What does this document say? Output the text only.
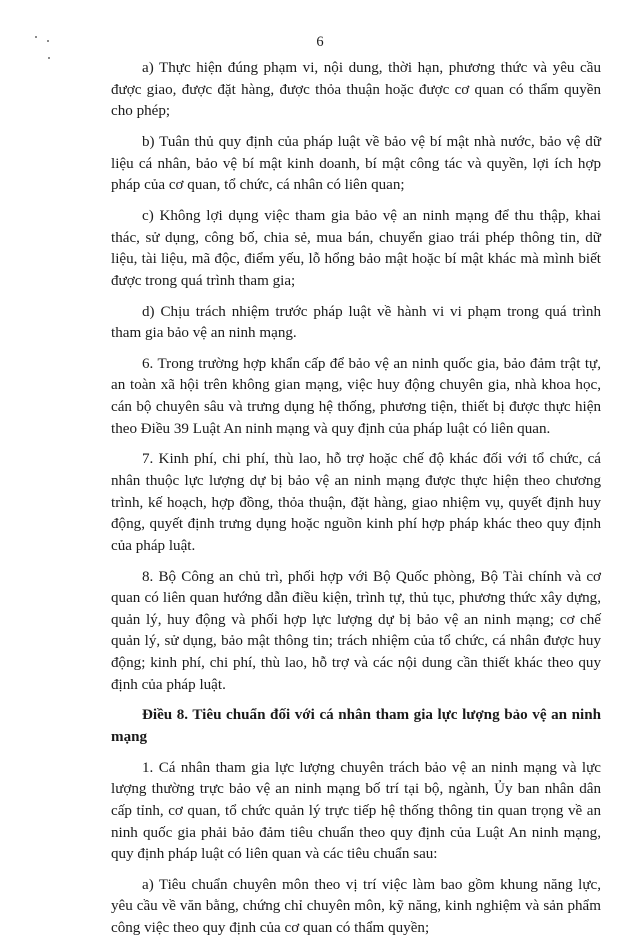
6

a) Thực hiện đúng phạm vi, nội dung, thời hạn, phương thức và yêu cầu được giao, được đặt hàng, được thỏa thuận hoặc được cơ quan có thẩm quyền cho phép;

b) Tuân thủ quy định của pháp luật về bảo vệ bí mật nhà nước, bảo vệ dữ liệu cá nhân, bảo vệ bí mật kinh doanh, bí mật công tác và quyền, lợi ích hợp pháp của cơ quan, tổ chức, cá nhân có liên quan;

c) Không lợi dụng việc tham gia bảo vệ an ninh mạng để thu thập, khai thác, sử dụng, công bố, chia sẻ, mua bán, chuyển giao trái phép thông tin, dữ liệu, tài liệu, mã độc, điểm yếu, lỗ hổng bảo mật hoặc bí mật khác mà mình biết được trong quá trình tham gia;

d) Chịu trách nhiệm trước pháp luật về hành vi vi phạm trong quá trình tham gia bảo vệ an ninh mạng.

6. Trong trường hợp khẩn cấp để bảo vệ an ninh quốc gia, bảo đảm trật tự, an toàn xã hội trên không gian mạng, việc huy động chuyên gia, nhà khoa học, cán bộ chuyên sâu và trưng dụng hệ thống, phương tiện, thiết bị được thực hiện theo Điều 39 Luật An ninh mạng và quy định của pháp luật có liên quan.

7. Kinh phí, chi phí, thù lao, hỗ trợ hoặc chế độ khác đối với tổ chức, cá nhân thuộc lực lượng dự bị bảo vệ an ninh mạng được thực hiện theo chương trình, kế hoạch, hợp đồng, thỏa thuận, đặt hàng, giao nhiệm vụ, quyết định huy động, quyết định trưng dụng hoặc nguồn kinh phí hợp pháp khác theo quy định của pháp luật.

8. Bộ Công an chủ trì, phối hợp với Bộ Quốc phòng, Bộ Tài chính và cơ quan có liên quan hướng dẫn điều kiện, trình tự, thủ tục, phương thức xây dựng, quản lý, huy động và phối hợp lực lượng dự bị bảo vệ an ninh mạng; cơ chế quản lý, sử dụng, bảo mật thông tin; trách nhiệm của tổ chức, cá nhân được huy động; kinh phí, chi phí, thù lao, hỗ trợ và các nội dung cần thiết khác theo quy định của pháp luật.

Điều 8. Tiêu chuẩn đối với cá nhân tham gia lực lượng bảo vệ an ninh mạng

1. Cá nhân tham gia lực lượng chuyên trách bảo vệ an ninh mạng và lực lượng thường trực bảo vệ an ninh mạng bố trí tại bộ, ngành, Ủy ban nhân dân cấp tỉnh, cơ quan, tổ chức quản lý trực tiếp hệ thống thông tin quan trọng về an ninh quốc gia phải bảo đảm tiêu chuẩn theo quy định của Luật An ninh mạng, quy định pháp luật có liên quan và các tiêu chuẩn sau:

a) Tiêu chuẩn chuyên môn theo vị trí việc làm bao gồm khung năng lực, yêu cầu về văn bằng, chứng chỉ chuyên môn, kỹ năng, kinh nghiệm và sản phẩm công việc theo quy định của cơ quan có thẩm quyền;
